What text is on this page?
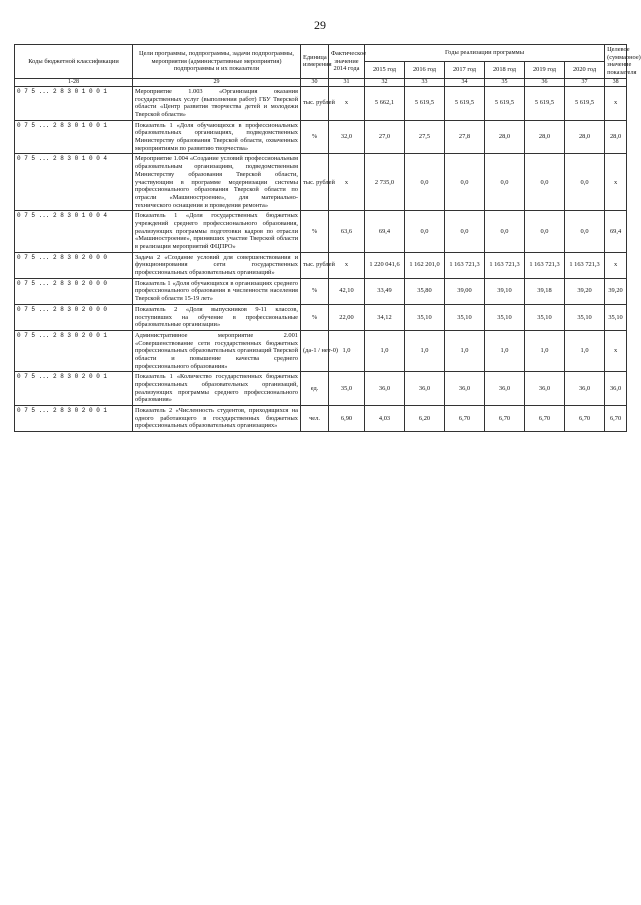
29
Коды бюджетной классификации	Цели программы, подпрограммы, задачи подпрограммы, мероприятия (административные мероприятия) подпрограммы и их показатели	Единица измерения	Фактическое значение 2014 года	Годы реализации программы						Целевое (суммарное) значение показателя
				2015 год	2016 год	2017 год	2018 год	2019 год	2020 год	
1-28	29	30	31	32	33	34	35	36	37	38
0 7 5 ... 2 8 3 0 1 0 0 1	Мероприятие 1.003 «Организация оказания государственных услуг (выполнения работ) ГБУ Тверской области «Центр развития творчества детей и молодежи Тверской области»	тыс. рублей	х	5 662,1	5 619,5	5 619,5	5 619,5	5 619,5	5 619,5	х
0 7 5 ... 2 8 3 0 1 0 0 1	Показатель 1 «Доля обучающихся в профессиональных образовательных организациях, подведомственных Министерству образования Тверской области, охваченных мероприятиями по развитию творчества»	%	32,0	27,0	27,5	27,8	28,0	28,0	28,0	28,0
0 7 5 ... 2 8 3 0 1 0 0 4	Мероприятие 1.004 «Создание условий профессиональным образовательным организациям, подведомственным Министерству образования Тверской области, участвующим в программе модернизации системы профессионального образования Тверской области по отрасли «Машиностроение», для материально-технического оснащения и проведения ремонта»	тыс. рублей	х	2 735,0	0,0	0,0	0,0	0,0	0,0	х
0 7 5 ... 2 8 3 0 1 0 0 4	Показатель 1 «Доля государственных бюджетных учреждений среднего профессионального образования, реализующих программы подготовки кадров по отрасли «Машиностроение», принявших участие Тверской области в реализации мероприятий ФЦПРО»	%	63,6	69,4	0,0	0,0	0,0	0,0	0,0	69,4
0 7 5 ... 2 8 3 0 2 0 0 0	Задача 2 «Создание условий для совершенствования и функционирования сети государственных профессиональных образовательных организаций»	тыс. рублей	х	1 220 041,6	1 162 201,0	1 163 721,3	1 163 721,3	1 163 721,3	1 163 721,3	х
0 7 5 ... 2 8 3 0 2 0 0 0	Показатель 1 «Доля обучающихся в организациях среднего профессионального образования в численности населения Тверской области 15-19 лет»	%	42,10	33,49	35,80	39,00	39,10	39,18	39,20	39,20
0 7 5 ... 2 8 3 0 2 0 0 0	Показатель 2 «Доля выпускников 9-11 классов, поступивших на обучение в профессиональные образовательные организации»	%	22,00	34,12	35,10	35,10	35,10	35,10	35,10	35,10
0 7 5 ... 2 8 3 0 2 0 0 1	Административное мероприятие 2.001 «Совершенствование сети государственных бюджетных профессиональных образовательных организаций Тверской области и повышение качества среднего профессионального образования»	(да-1 / нет-0)	1,0	1,0	1,0	1,0	1,0	1,0	1,0	х
0 7 5 ... 2 8 3 0 2 0 0 1	Показатель 1 «Количество государственных бюджетных профессиональных образовательных организаций, реализующих программы среднего профессионального образования»	ед.	35,0	36,0	36,0	36,0	36,0	36,0	36,0	36,0
0 7 5 ... 2 8 3 0 2 0 0 1	Показатель 2 «Численность студентов, приходящихся на одного работающего в государственных бюджетных профессиональных образовательных организациях»	чел.	6,90	4,03	6,20	6,70	6,70	6,70	6,70	6,70
